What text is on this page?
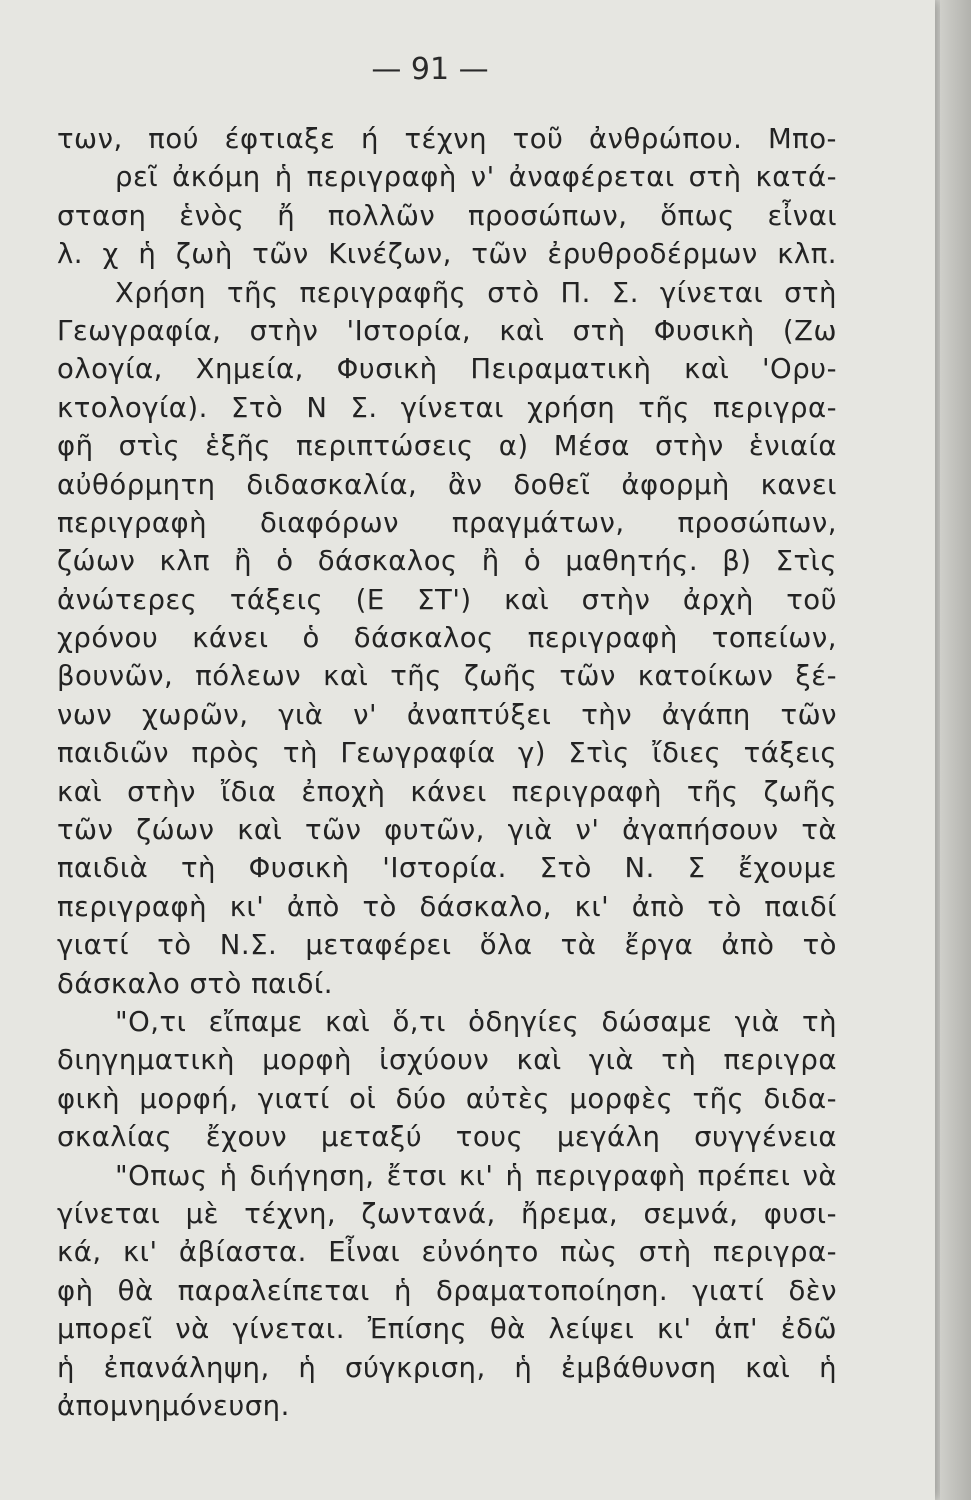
— 91 —
των, πού έφτιαξε ή τέχνη τοῦ ἀνθρώπου. Μπο-
ρεῖ ἀκόμη ἡ περιγραφὴ ν' ἀναφέρεται στὴ κατά-
σταση ἑνὸς ἤ πολλῶν προσώπων, ὅπως εἶναι
λ. χ ἡ ζωὴ τῶν Κινέζων, τῶν ἐρυθροδέρμων κλπ.
Χρήση τῆς περιγραφῆς στὸ Π. Σ. γίνεται στὴ
Γεωγραφία, στὴν 'Ιστορία, καὶ στὴ Φυσικὴ (Ζω
ολογία, Χημεία, Φυσικὴ Πειραματικὴ καὶ 'Ορυ-
κτολογία). Στὸ Ν Σ. γίνεται χρήση τῆς περιγρα-
φῆ στὶς ἑξῆς περιπτώσεις α) Μέσα στὴν ἑνιαία
αὐθόρμητη διδασκαλία, ἂν δοθεῖ ἀφορμὴ κανει
περιγραφὴ διαφόρων πραγμάτων, προσώπων,
ζώων κλπ ἢ ὁ δάσκαλος ἢ ὁ μαθητής. β) Στὶς
ἀνώτερες τάξεις (Ε ΣΤ') καὶ στὴν ἀρχὴ τοῦ
χρόνου κάνει ὁ δάσκαλος περιγραφὴ τοπείων,
βουνῶν, πόλεων καὶ τῆς ζωῆς τῶν κατοίκων ξέ-
νων χωρῶν, γιὰ ν' ἀναπτύξει τὴν ἀγάπη τῶν
παιδιῶν πρὸς τὴ Γεωγραφία γ) Στὶς ἴδιες τάξεις
καὶ στὴν ἴδια ἐποχὴ κάνει περιγραφὴ τῆς ζωῆς
τῶν ζώων καὶ τῶν φυτῶν, γιὰ ν' ἀγαπήσουν τὰ
παιδιὰ τὴ Φυσικὴ 'Ιστορία. Στὸ Ν. Σ ἔχουμε
περιγραφὴ κι' ἀπὸ τὸ δάσκαλο, κι' ἀπὸ τὸ παιδί
γιατί τὸ Ν.Σ. μεταφέρει ὅλα τὰ ἔργα ἀπὸ τὸ
δάσκαλο στὸ παιδί.
"Ο,τι εἴπαμε καὶ ὅ,τι ὁδηγίες δώσαμε γιὰ τὴ
διηγηματικὴ μορφὴ ἰσχύουν καὶ γιὰ τὴ περιγρα
φικὴ μορφή, γιατί οἱ δύο αὐτὲς μορφὲς τῆς διδα-
σκαλίας ἔχουν μεταξύ τους μεγάλη συγγένεια
"Οπως ἡ διήγηση, ἔτσι κι' ἡ περιγραφὴ πρέπει νὰ
γίνεται μὲ τέχνη, ζωντανά, ἤρεμα, σεμνά, φυσι-
κά, κι' ἀβίαστα. Εἶναι εὐνόητο πὼς στὴ περιγρα-
φὴ θὰ παραλείπεται ἡ δραματοποίηση. γιατί δὲν
μπορεῖ νὰ γίνεται. Ἐπίσης θὰ λείψει κι' ἀπ' ἐδῶ
ἡ ἐπανάληψη, ἡ σύγκριση, ἡ ἐμβάθυνση καὶ ἡ
ἀπομνημόνευση.
